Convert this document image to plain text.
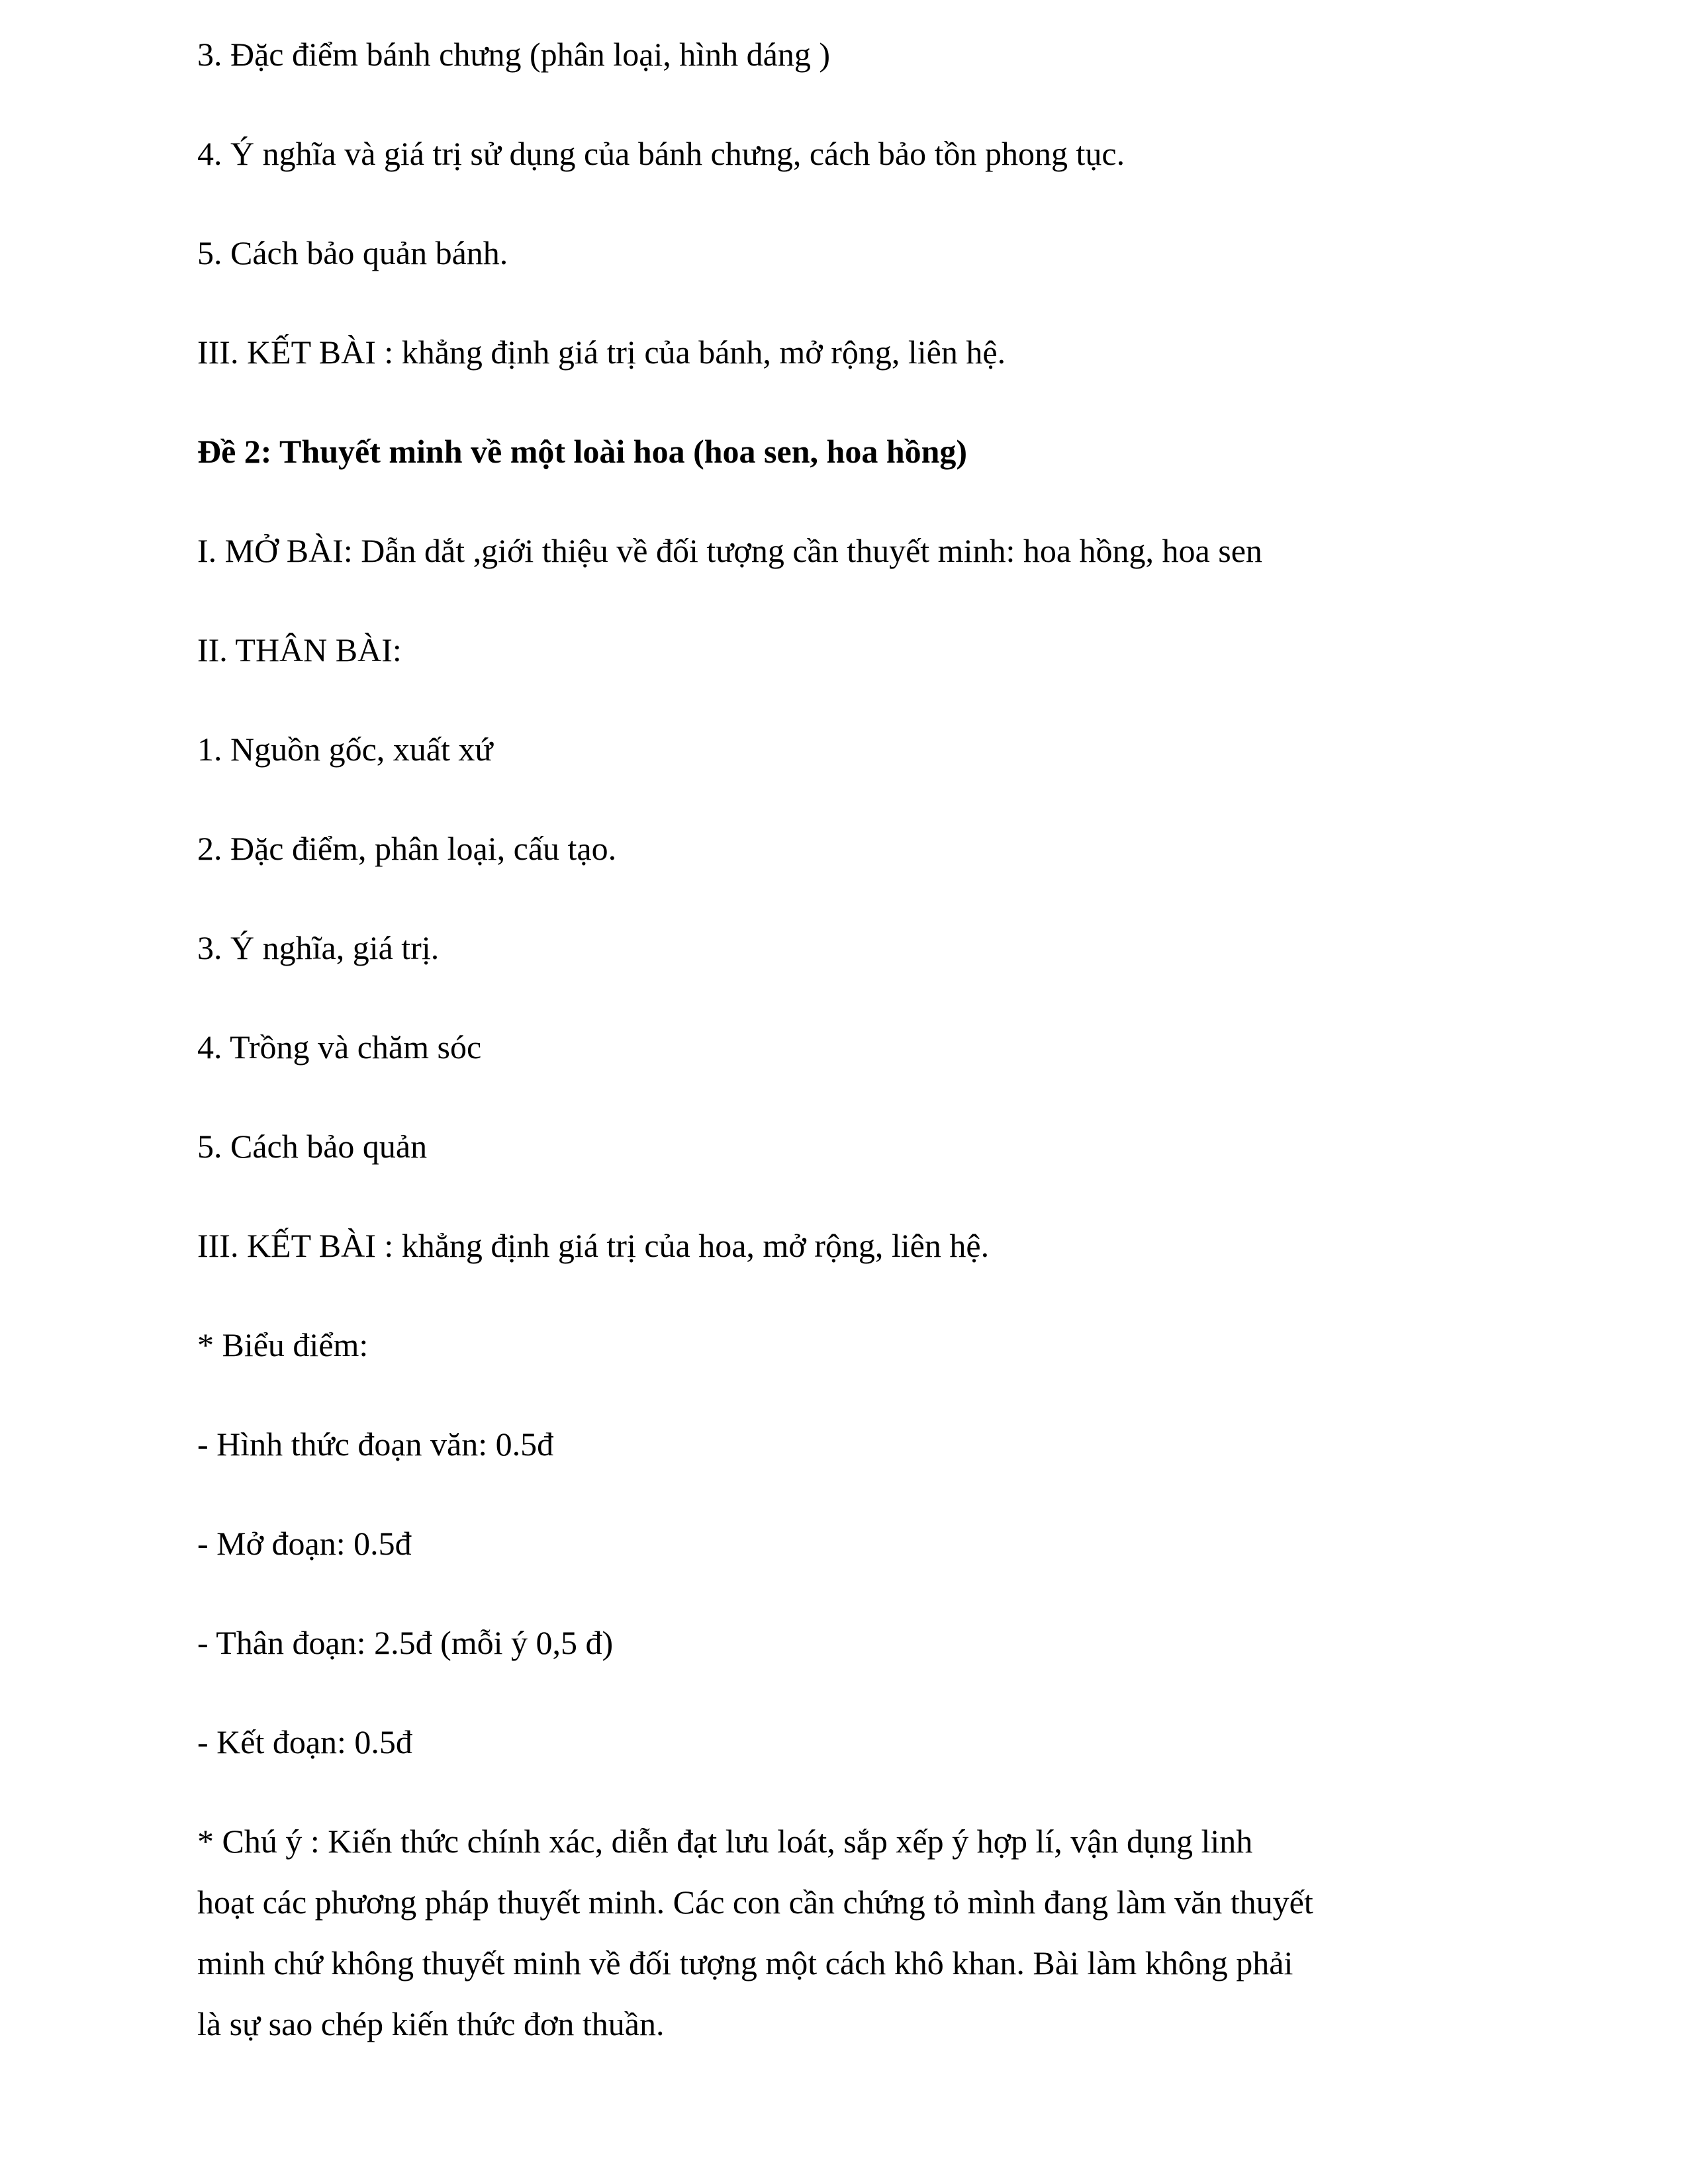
3. Đặc điểm bánh chưng (phân loại, hình dáng )
4. Ý nghĩa và giá trị sử dụng của bánh chưng, cách bảo tồn phong tục.
5. Cách bảo quản bánh.
III. KẾT BÀI : khẳng định giá trị của bánh, mở rộng, liên hệ.
Đề 2: Thuyết minh về một loài hoa (hoa sen, hoa hồng)
I. MỞ BÀI: Dẫn dắt ,giới thiệu về đối tượng cần thuyết minh: hoa hồng, hoa sen
II. THÂN BÀI:
1. Nguồn gốc, xuất xứ
2. Đặc điểm, phân loại, cấu tạo.
3. Ý nghĩa, giá trị.
4. Trồng và chăm sóc
5. Cách bảo quản
III. KẾT BÀI : khẳng định giá trị của hoa, mở rộng, liên hệ.
* Biểu điểm:
- Hình thức đoạn văn: 0.5đ
- Mở đoạn: 0.5đ
- Thân đoạn: 2.5đ (mỗi ý 0,5 đ)
- Kết đoạn: 0.5đ
* Chú ý : Kiến thức chính xác, diễn đạt lưu loát, sắp xếp ý hợp lí, vận dụng linh
hoạt các phương pháp thuyết minh. Các con cần chứng tỏ mình đang làm văn thuyết
minh chứ không thuyết minh về đối tượng một cách khô khan. Bài làm không phải
là sự sao chép kiến thức đơn thuần.
